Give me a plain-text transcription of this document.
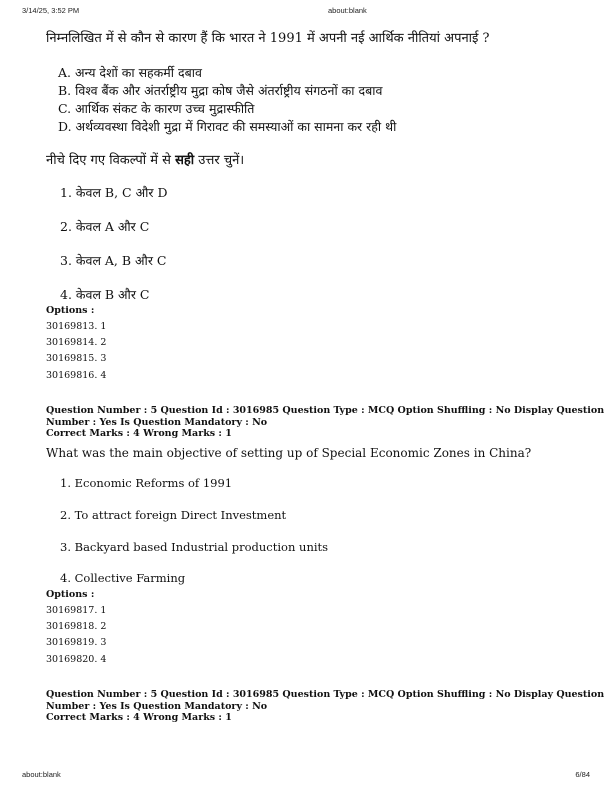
3/14/25, 3:52 PM	about:blank
निम्नलिखित में से कौन से कारण हैं कि भारत ने 1991 में अपनी नई आर्थिक नीतियां अपनाई ?
A. अन्य देशों का सहकर्मी दबाव
B. विश्व बैंक और अंतर्राष्ट्रीय मुद्रा कोष जैसे अंतर्राष्ट्रीय संगठनों का दबाव
C. आर्थिक संकट के कारण उच्च मुद्रास्फीति
D. अर्थव्यवस्था विदेशी मुद्रा में गिरावट की समस्याओं का सामना कर रही थी
नीचे दिए गए विकल्पों में से सही उत्तर चुनें।
1. केवल B, C और D
2. केवल A और C
3. केवल A, B और C
4. केवल B और C
Options :
30169813. 1
30169814. 2
30169815. 3
30169816. 4
Question Number : 5 Question Id : 3016985 Question Type : MCQ Option Shuffling : No Display Question
Number : Yes Is Question Mandatory : No
Correct Marks : 4 Wrong Marks : 1
What was the main objective of setting up of Special Economic Zones in China?
1. Economic Reforms of 1991
2. To attract foreign Direct Investment
3. Backyard based Industrial production units
4. Collective Farming
Options :
30169817. 1
30169818. 2
30169819. 3
30169820. 4
Question Number : 5 Question Id : 3016985 Question Type : MCQ Option Shuffling : No Display Question
Number : Yes Is Question Mandatory : No
Correct Marks : 4 Wrong Marks : 1
about:blank	6/84
